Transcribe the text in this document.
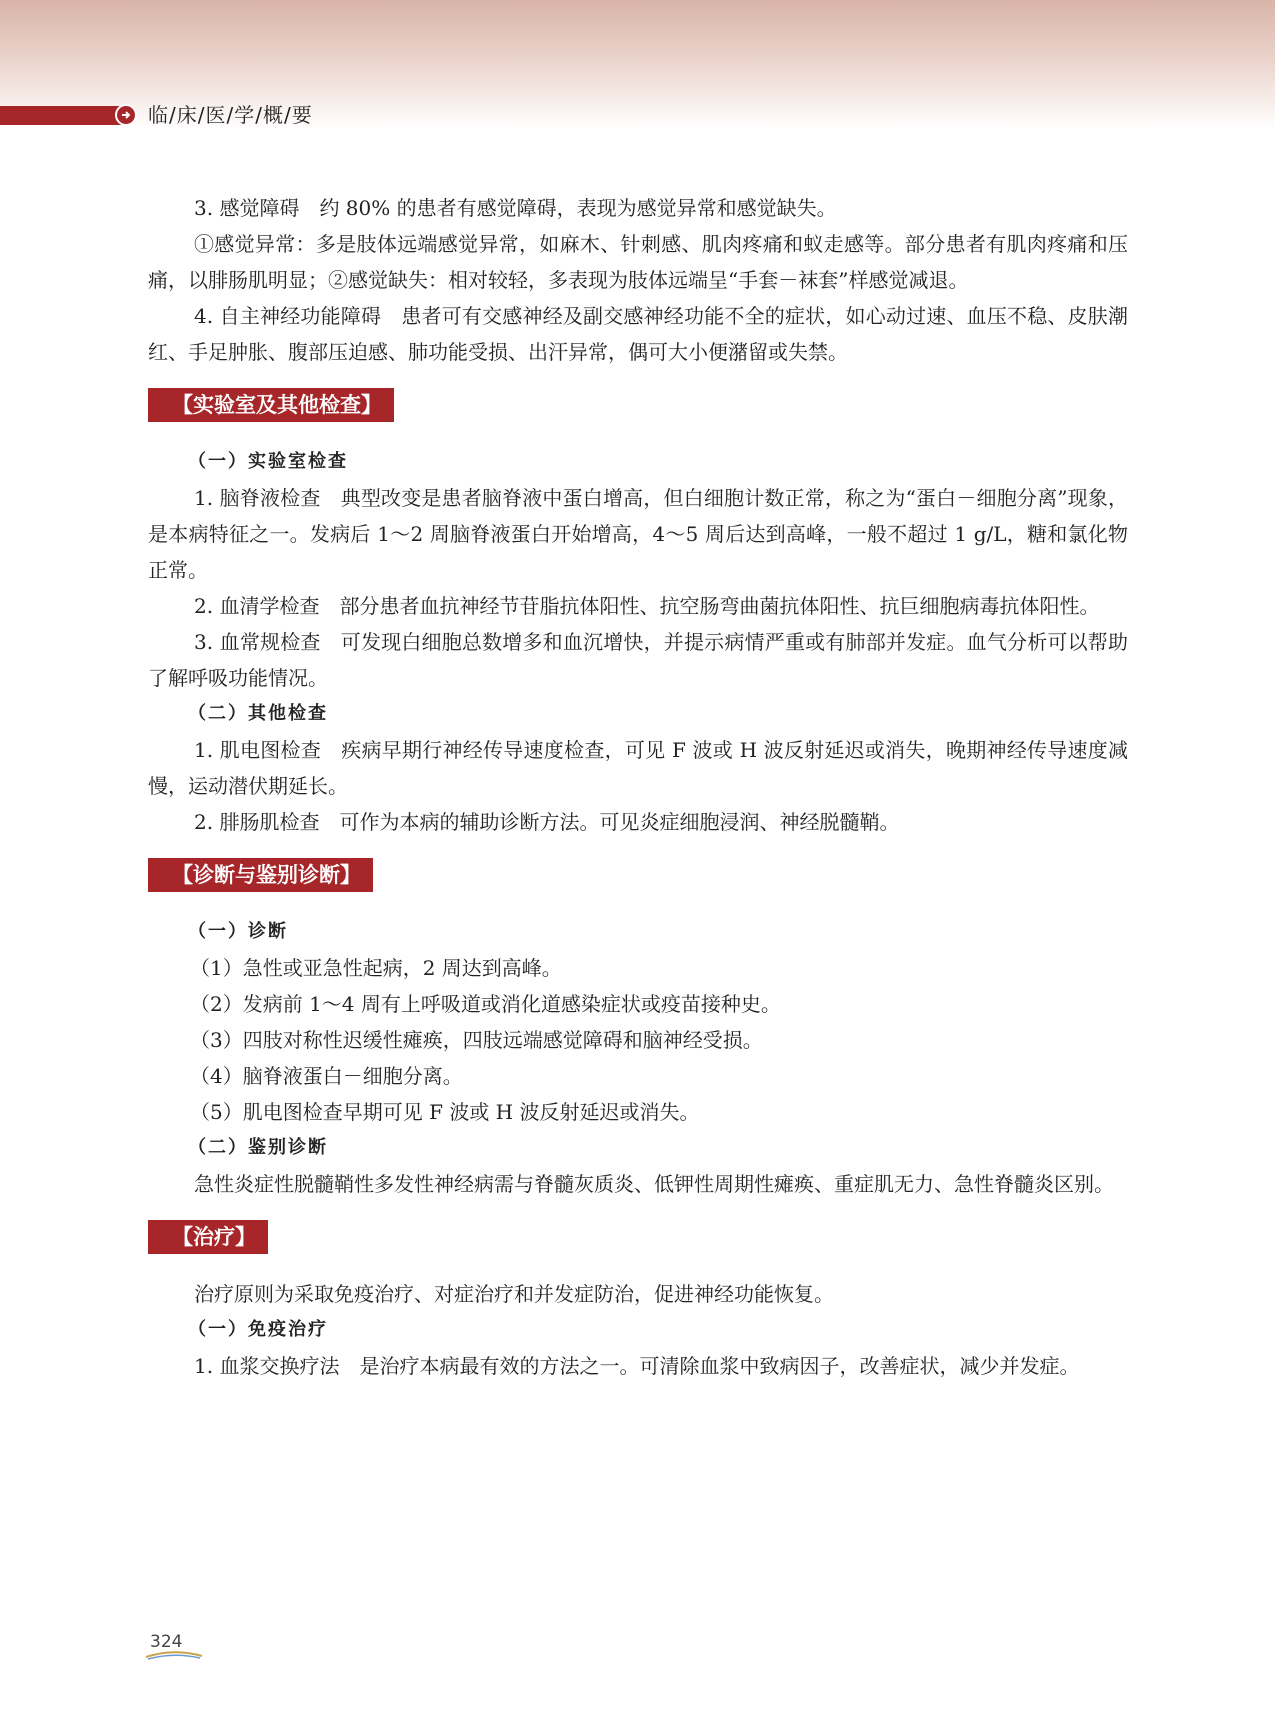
临/床/医/学/概/要

3. 感觉障碍　约 80% 的患者有感觉障碍，表现为感觉异常和感觉缺失。

①感觉异常：多是肢体远端感觉异常，如麻木、针刺感、肌肉疼痛和蚁走感等。部分患者有肌肉疼痛和压痛，以腓肠肌明显；②感觉缺失：相对较轻，多表现为肢体远端呈“手套－袜套”样感觉减退。

4. 自主神经功能障碍　患者可有交感神经及副交感神经功能不全的症状，如心动过速、血压不稳、皮肤潮红、手足肿胀、腹部压迫感、肺功能受损、出汗异常，偶可大小便潴留或失禁。

【实验室及其他检查】
（一）实验室检查

1. 脑脊液检查　典型改变是患者脑脊液中蛋白增高，但白细胞计数正常，称之为“蛋白－细胞分离”现象，是本病特征之一。发病后 1～2 周脑脊液蛋白开始增高，4～5 周后达到高峰，一般不超过 1 g/L，糖和氯化物正常。

2. 血清学检查　部分患者血抗神经节苷脂抗体阳性、抗空肠弯曲菌抗体阳性、抗巨细胞病毒抗体阳性。

3. 血常规检查　可发现白细胞总数增多和血沉增快，并提示病情严重或有肺部并发症。血气分析可以帮助了解呼吸功能情况。

（二）其他检查

1. 肌电图检查　疾病早期行神经传导速度检查，可见 F 波或 H 波反射延迟或消失，晚期神经传导速度减慢，运动潜伏期延长。

2. 腓肠肌检查　可作为本病的辅助诊断方法。可见炎症细胞浸润、神经脱髓鞘。

【诊断与鉴别诊断】
（一）诊断

（1）急性或亚急性起病，2 周达到高峰。

（2）发病前 1～4 周有上呼吸道或消化道感染症状或疫苗接种史。

（3）四肢对称性迟缓性瘫痪，四肢远端感觉障碍和脑神经受损。

（4）脑脊液蛋白－细胞分离。

（5）肌电图检查早期可见 F 波或 H 波反射延迟或消失。

（二）鉴别诊断

急性炎症性脱髓鞘性多发性神经病需与脊髓灰质炎、低钾性周期性瘫痪、重症肌无力、急性脊髓炎区别。

【治疗】

治疗原则为采取免疫治疗、对症治疗和并发症防治，促进神经功能恢复。

（一）免疫治疗

1. 血浆交换疗法　是治疗本病最有效的方法之一。可清除血浆中致病因子，改善症状，减少并发症。

324
